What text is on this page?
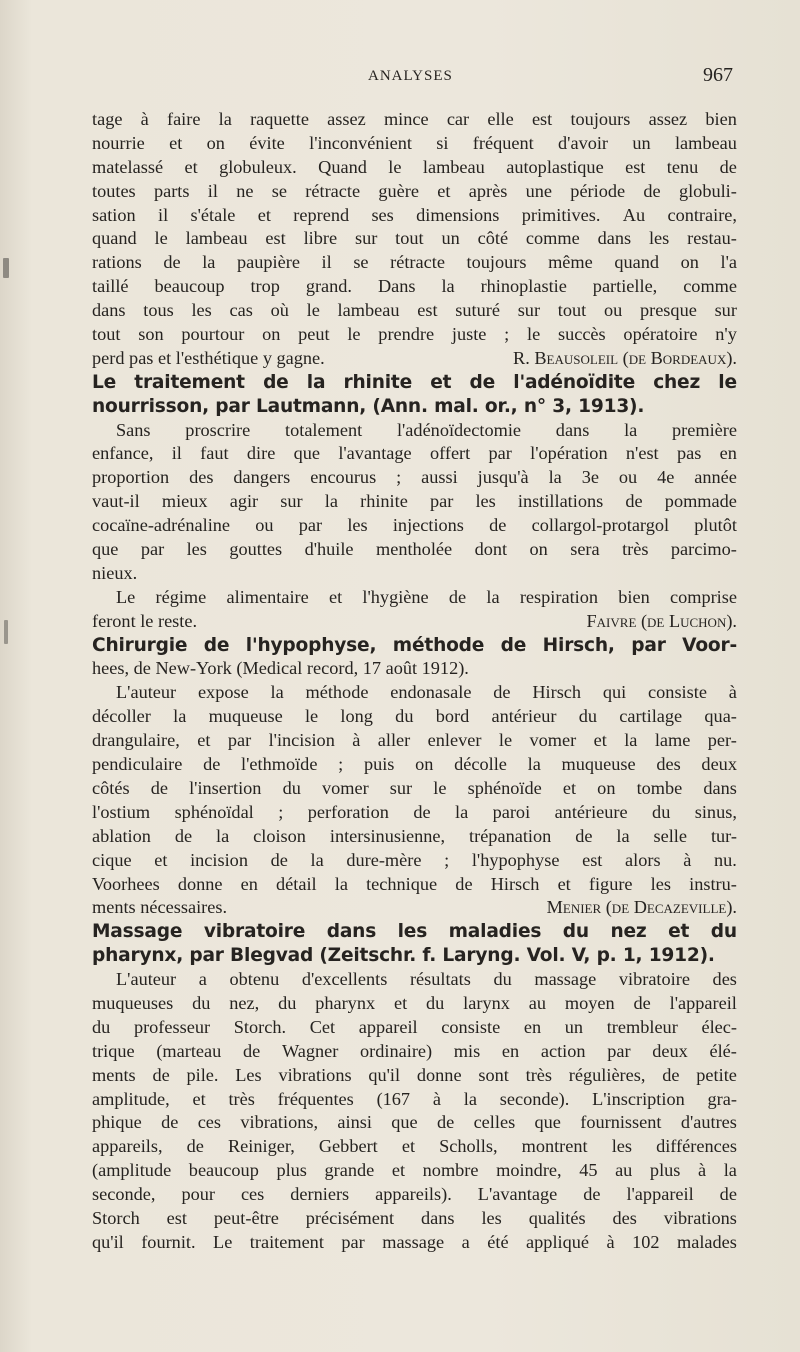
ANALYSES	967
tage à faire la raquette assez mince car elle est toujours assez bien
nourrie et on évite l'inconvénient si fréquent d'avoir un lambeau
matelassé et globuleux. Quand le lambeau autoplastique est tenu de
toutes parts il ne se rétracte guère et après une période de globuli-
sation il s'étale et reprend ses dimensions primitives. Au contraire,
quand le lambeau est libre sur tout un côté comme dans les restau-
rations de la paupière il se rétracte toujours même quand on l'a
taillé beaucoup trop grand. Dans la rhinoplastie partielle, comme
dans tous les cas où le lambeau est suturé sur tout ou presque sur
tout son pourtour on peut le prendre juste ; le succès opératoire n'y
perd pas et l'esthétique y gagne.	R. Beausoleil (de Bordeaux).
Le traitement de la rhinite et de l'adénoïdite chez le
nourrisson, par Lautmann, (Ann. mal. or., n° 3, 1913).
Sans proscrire totalement l'adénoïdectomie dans la première
enfance, il faut dire que l'avantage offert par l'opération n'est pas en
proportion des dangers encourus ; aussi jusqu'à la 3e ou 4e année
vaut-il mieux agir sur la rhinite par les instillations de pommade
cocaïne-adrénaline ou par les injections de collargol-protargol plutôt
que par les gouttes d'huile mentholée dont on sera très parcimo-
nieux.
Le régime alimentaire et l'hygiène de la respiration bien comprise
feront le reste.	Faivre (de Luchon).
Chirurgie de l'hypophyse, méthode de Hirsch, par Voor-
hees, de New-York (Medical record, 17 août 1912).
L'auteur expose la méthode endonasale de Hirsch qui consiste à
décoller la muqueuse le long du bord antérieur du cartilage qua-
drangulaire, et par l'incision à aller enlever le vomer et la lame per-
pendiculaire de l'ethmoïde ; puis on décolle la muqueuse des deux
côtés de l'insertion du vomer sur le sphénoïde et on tombe dans
l'ostium sphénoïdal ; perforation de la paroi antérieure du sinus,
ablation de la cloison intersinusienne, trépanation de la selle tur-
cique et incision de la dure-mère ; l'hypophyse est alors à nu.
Voorhees donne en détail la technique de Hirsch et figure les instru-
ments nécessaires.	Menier (de Decazeville).
Massage vibratoire dans les maladies du nez et du
pharynx, par Blegvad (Zeitschr. f. Laryng. Vol. V, p. 1, 1912).
L'auteur a obtenu d'excellents résultats du massage vibratoire des
muqueuses du nez, du pharynx et du larynx au moyen de l'appareil
du professeur Storch. Cet appareil consiste en un trembleur élec-
trique (marteau de Wagner ordinaire) mis en action par deux élé-
ments de pile. Les vibrations qu'il donne sont très régulières, de petite
amplitude, et très fréquentes (167 à la seconde). L'inscription gra-
phique de ces vibrations, ainsi que de celles que fournissent d'autres
appareils, de Reiniger, Gebbert et Scholls, montrent les différences
(amplitude beaucoup plus grande et nombre moindre, 45 au plus à la
seconde, pour ces derniers appareils). L'avantage de l'appareil de
Storch est peut-être précisément dans les qualités des vibrations
qu'il fournit. Le traitement par massage a été appliqué à 102 malades
